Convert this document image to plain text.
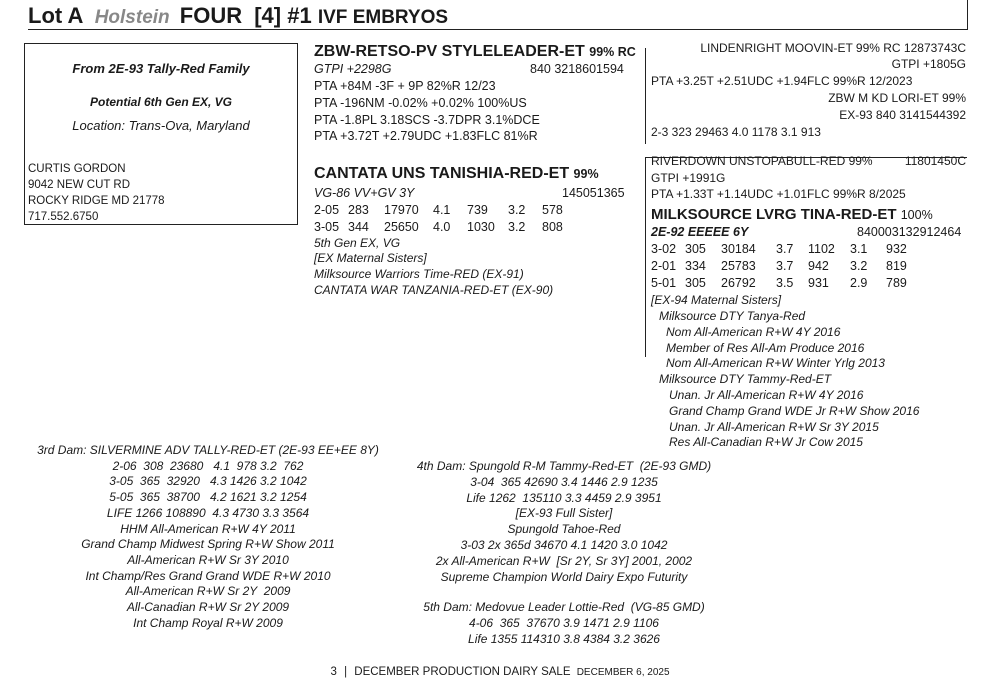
Lot A Holstein FOUR [4] #1 IVF EMBRYOS
From 2E-93 Tally-Red Family
Potential 6th Gen EX, VG
Location: Trans-Ova, Maryland
CURTIS GORDON
9042 NEW CUT RD
ROCKY RIDGE MD 21778
717.552.6750
ZBW-RETSO-PV STYLELEADER-ET 99% RC
GTPI +2298G	840 3218601594
PTA +84M -3F + 9P 82%R 12/23
PTA -196NM -0.02% +0.02% 100%US
PTA -1.8PL 3.18SCS -3.7DPR 3.1%DCE
PTA +3.72T +2.79UDC +1.83FLC 81%R
CANTATA UNS TANISHIA-RED-ET 99%
VG-86 VV+GV 3Y	145051365
2-05 283	17970	4.1	739	3.2	578
3-05 344	25650	4.0	1030	3.2	808
5th Gen EX, VG
[EX Maternal Sisters]
Milksource Warriors Time-RED (EX-91)
CANTATA WAR TANZANIA-RED-ET (EX-90)
LINDENRIGHT MOOVIN-ET 99% RC 12873743C
GTPI +1805G
PTA +3.25T +2.51UDC +1.94FLC 99%R 12/2023
ZBW M KD LORI-ET 99%
EX-93 840 3141544392
2-3 323 29463 4.0 1178 3.1 913
RIVERDOWN UNSTOPABULL-RED 99%	11801450C
GTPI +1991G
PTA +1.33T +1.14UDC +1.01FLC 99%R 8/2025
MILKSOURCE LVRG TINA-RED-ET 100%
2E-92 EEEEE 6Y	840003132912464
3-02 305	30184	3.7	1102	3.1	932
2-01 334	25783	3.7	942	3.2	819
5-01 305	26792	3.5	931	2.9	789
[EX-94 Maternal Sisters]
Milksource DTY Tanya-Red
Nom All-American R+W 4Y 2016
Member of Res All-Am Produce 2016
Nom All-American R+W Winter Yrlg 2013
Milksource DTY Tammy-Red-ET
Unan. Jr All-American R+W 4Y 2016
Grand Champ Grand WDE Jr R+W Show 2016
Unan. Jr All-American R+W Sr 3Y 2015
Res All-Canadian R+W Jr Cow 2015
3rd Dam: SILVERMINE ADV TALLY-RED-ET (2E-93 EE+EE 8Y)
2-06  308  23680   4.1  978 3.2  762
3-05  365  32920   4.3 1426 3.2 1042
5-05  365  38700   4.2 1621 3.2 1254
LIFE 1266 108890  4.3 4730 3.3 3564
HHM All-American R+W 4Y 2011
Grand Champ Midwest Spring R+W Show 2011
All-American R+W Sr 3Y 2010
Int Champ/Res Grand Grand WDE R+W 2010
All-American R+W Sr 2Y  2009
All-Canadian R+W Sr 2Y 2009
Int Champ Royal R+W 2009
4th Dam: Spungold R-M Tammy-Red-ET  (2E-93 GMD)
3-04  365 42690 3.4 1446 2.9 1235
Life 1262  135110 3.3 4459 2.9 3951
[EX-93 Full Sister]
Spungold Tahoe-Red
3-03 2x 365d 34670 4.1 1420 3.0 1042
2x All-American R+W  [Sr 2Y, Sr 3Y] 2001, 2002
Supreme Champion World Dairy Expo Futurity
5th Dam: Medovue Leader Lottie-Red  (VG-85 GMD)
4-06  365  37670 3.9 1471 2.9 1106
Life 1355 114310 3.8 4384 3.2 3626
3 | DECEMBER PRODUCTION DAIRY SALE DECEMBER 6, 2025
